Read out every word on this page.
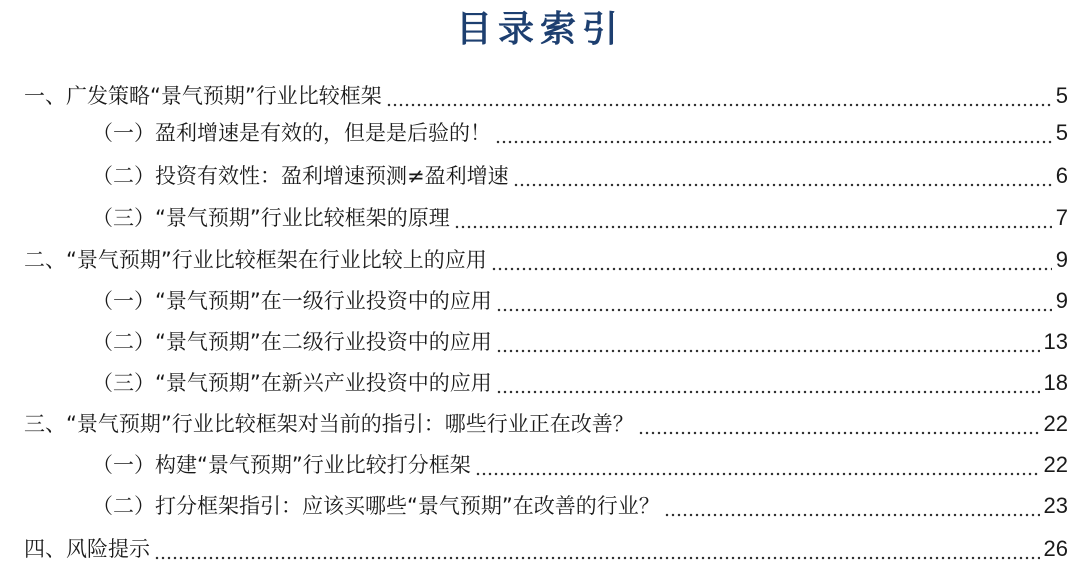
目录索引
一、广发策略“景气预期”行业比较框架	5
（一）盈利增速是有效的，但是是后验的！	5
（二）投资有效性：盈利增速预测≠盈利增速	6
（三）“景气预期”行业比较框架的原理	7
二、“景气预期”行业比较框架在行业比较上的应用	9
（一）“景气预期”在一级行业投资中的应用	9
（二）“景气预期”在二级行业投资中的应用	13
（三）“景气预期”在新兴产业投资中的应用	18
三、“景气预期”行业比较框架对当前的指引：哪些行业正在改善？	22
（一）构建“景气预期”行业比较打分框架	22
（二）打分框架指引：应该买哪些“景气预期”在改善的行业？	23
四、风险提示	26
